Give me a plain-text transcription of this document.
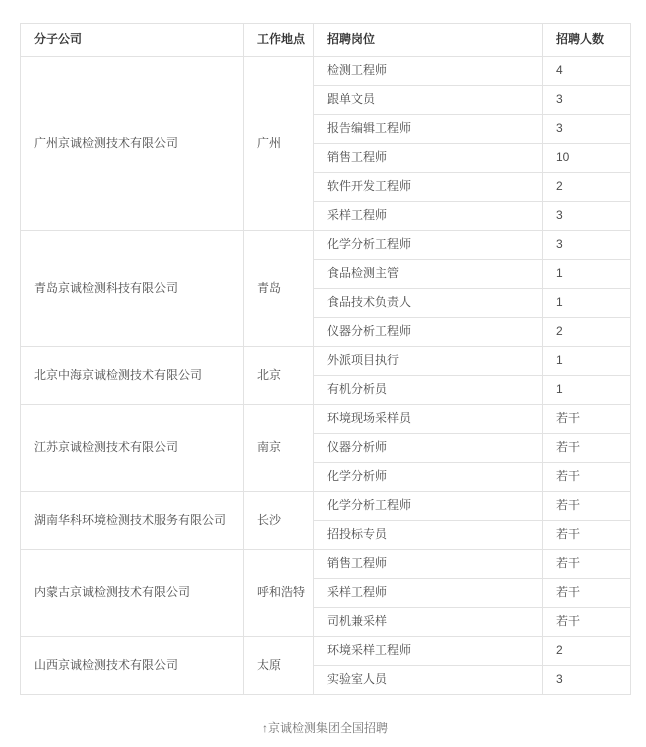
分子公司	工作地点	招聘岗位	招聘人数
广州京诚检测技术有限公司	广州	检测工程师	4
		跟单文员	3
		报告编辑工程师	3
		销售工程师	10
		软件开发工程师	2
		采样工程师	3
青岛京诚检测科技有限公司	青岛	化学分析工程师	3
		食品检测主管	1
		食品技术负责人	1
		仪器分析工程师	2
北京中海京诚检测技术有限公司	北京	外派项目执行	1
		有机分析员	1
江苏京诚检测技术有限公司	南京	环境现场采样员	若干
		仪器分析师	若干
		化学分析师	若干
湖南华科环境检测技术服务有限公司	长沙	化学分析工程师	若干
		招投标专员	若干
内蒙古京诚检测技术有限公司	呼和浩特	销售工程师	若干
		采样工程师	若干
		司机兼采样	若干
山西京诚检测技术有限公司	太原	环境采样工程师	2
		实验室人员	3
↑京诚检测集团全国招聘
